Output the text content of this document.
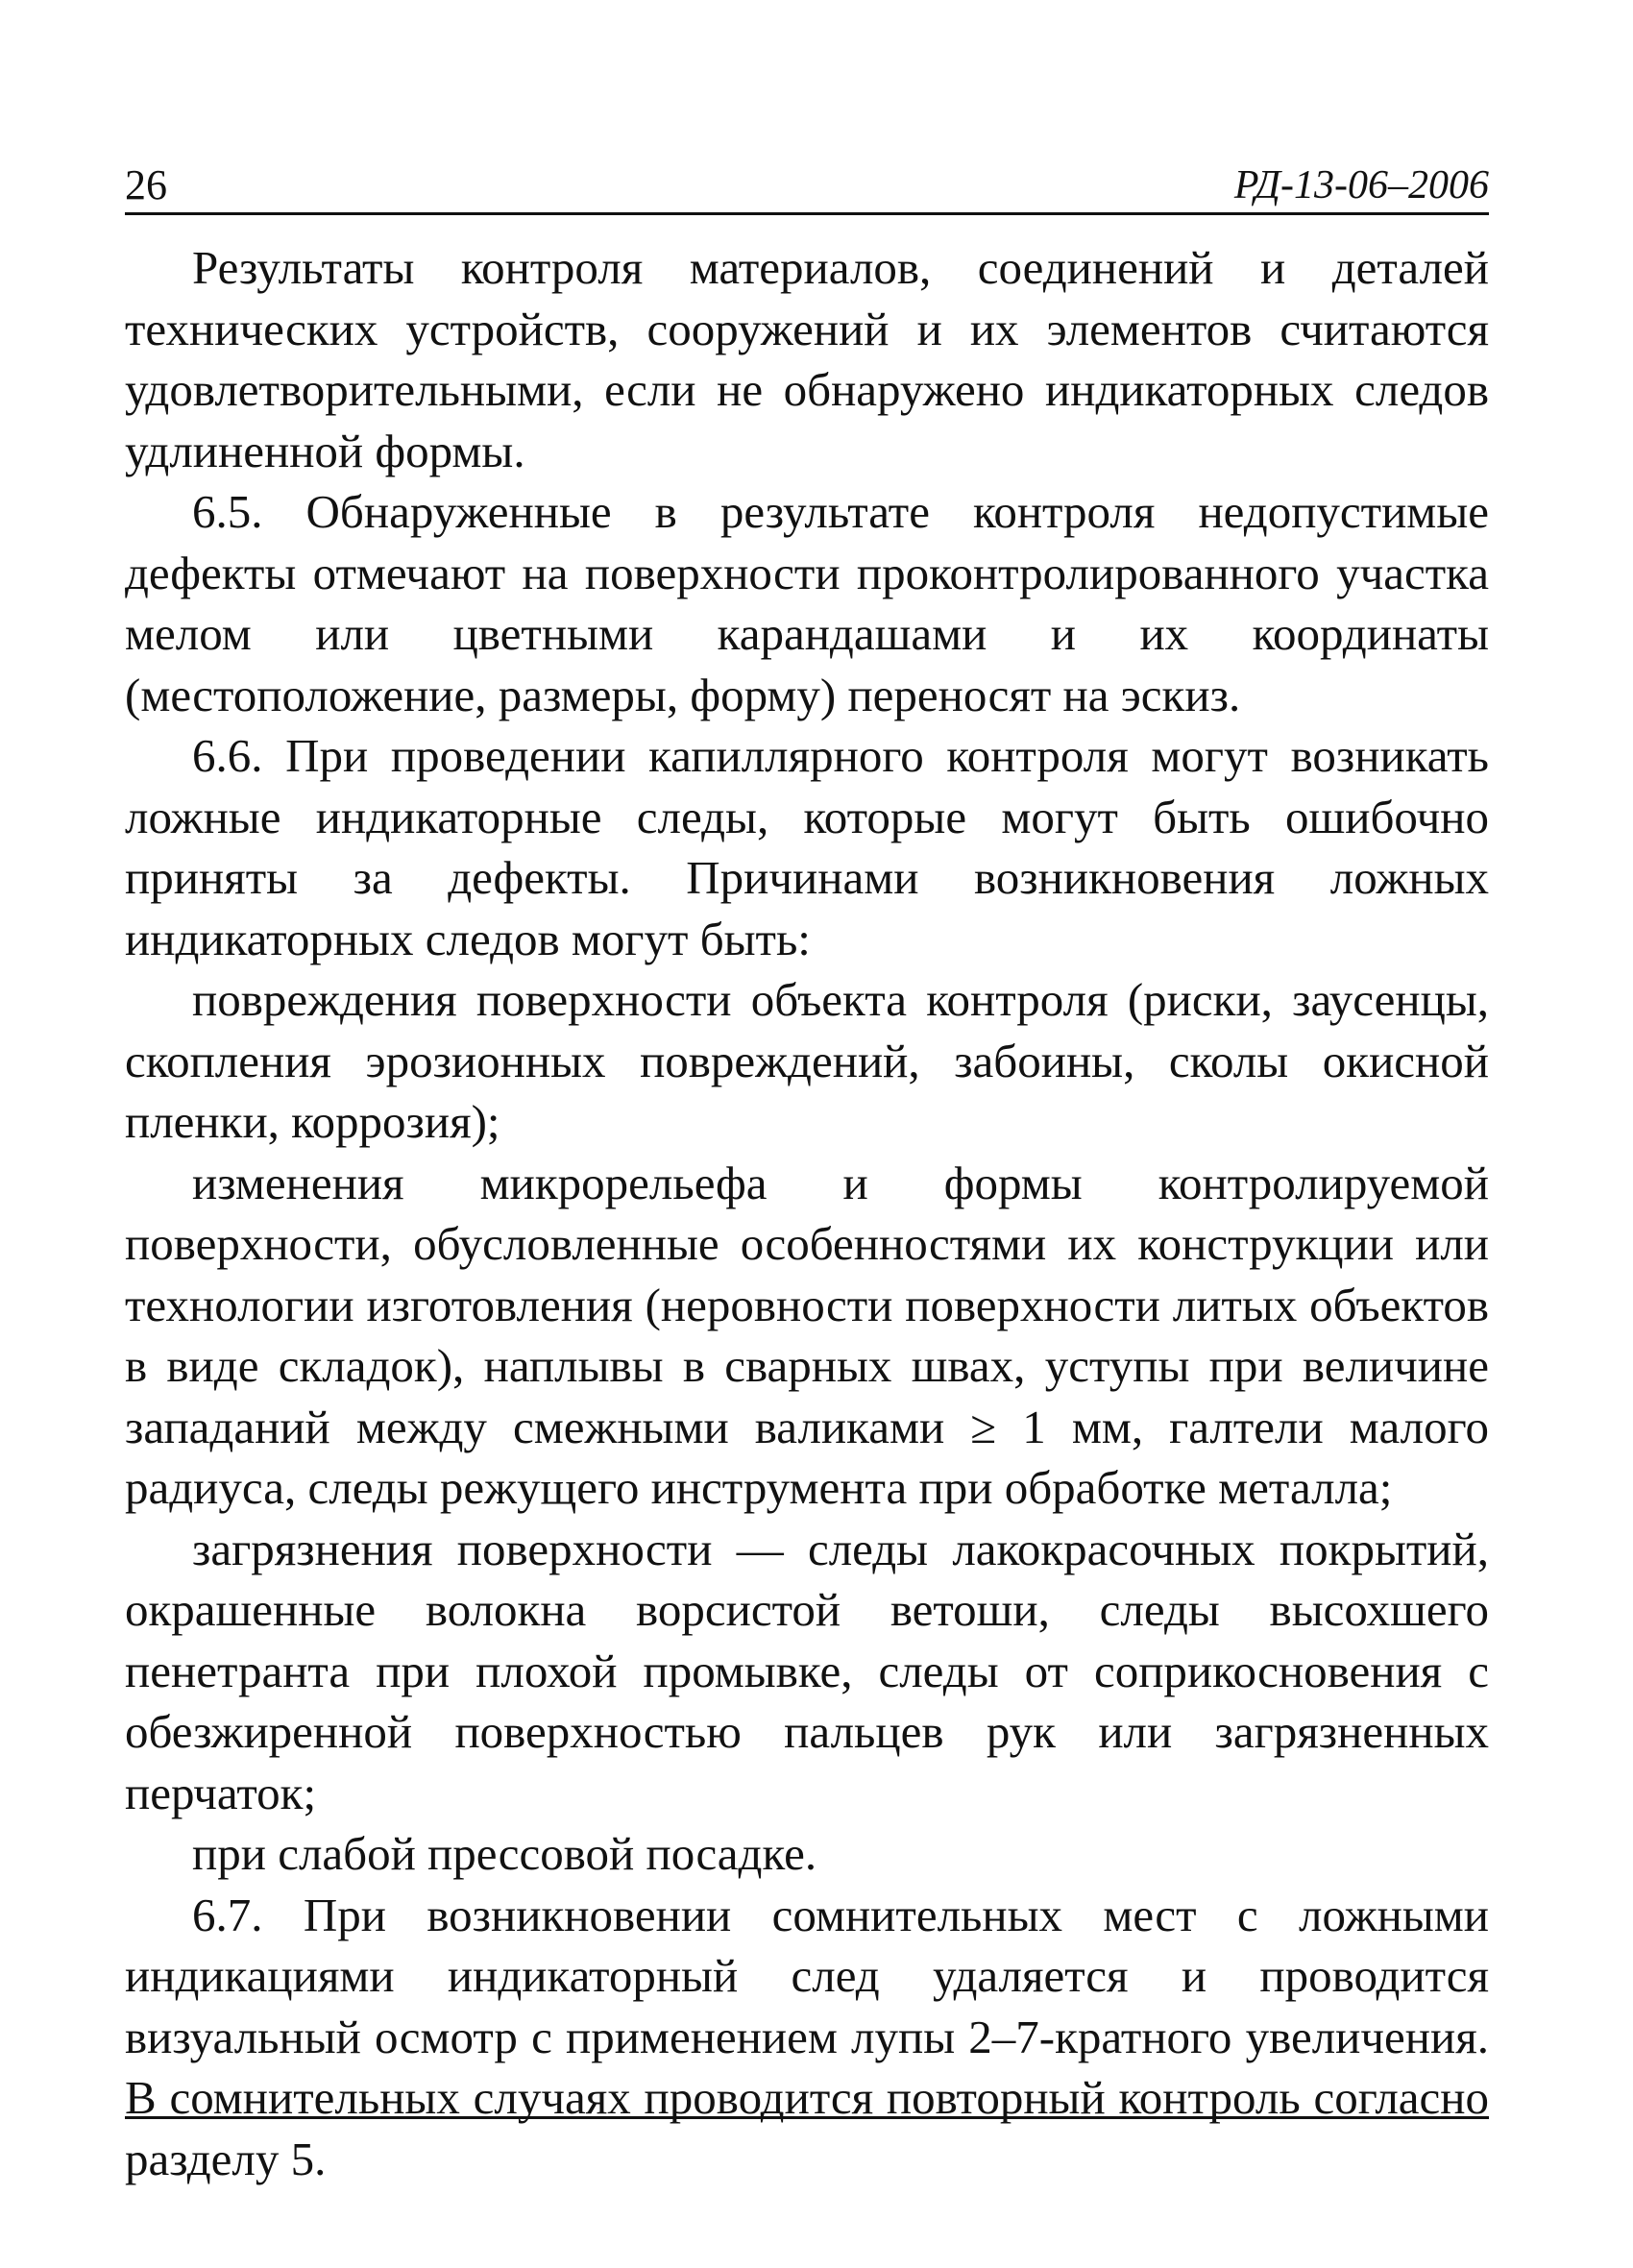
26	РД-13-06–2006

Результаты контроля материалов, соединений и деталей технических устройств, сооружений и их элементов считаются удовлетворительными, если не обнаружено индикаторных следов удлиненной формы.

6.5. Обнаруженные в результате контроля недопустимые дефекты отмечают на поверхности проконтролированного участка мелом или цветными карандашами и их координаты (местоположение, размеры, форму) переносят на эскиз.

6.6. При проведении капиллярного контроля могут возникать ложные индикаторные следы, которые могут быть ошибочно приняты за дефекты. Причинами возникновения ложных индикаторных следов могут быть:

повреждения поверхности объекта контроля (риски, заусенцы, скопления эрозионных повреждений, забоины, сколы окисной пленки, коррозия);

изменения микрорельефа и формы контролируемой поверхности, обусловленные особенностями их конструкции или технологии изготовления (неровности поверхности литых объектов в виде складок), наплывы в сварных швах, уступы при величине западаний между смежными валиками ≥ 1 мм, галтели малого радиуса, следы режущего инструмента при обработке металла;

загрязнения поверхности — следы лакокрасочных покрытий, окрашенные волокна ворсистой ветоши, следы высохшего пенетранта при плохой промывке, следы от соприкосновения с обезжиренной поверхностью пальцев рук или загрязненных перчаток;

при слабой прессовой посадке.

6.7. При возникновении сомнительных мест с ложными индикациями индикаторный след удаляется и проводится визуальный осмотр с применением лупы 2–7-кратного увеличения. В сомнительных случаях проводится повторный контроль согласно разделу 5.
